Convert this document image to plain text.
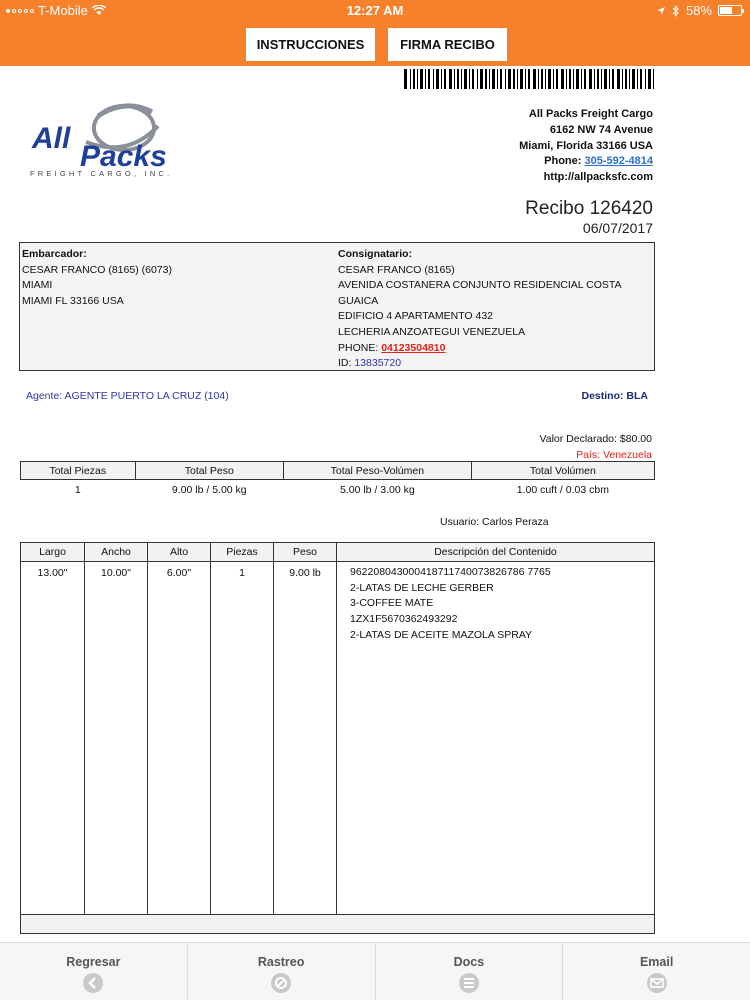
T-Mobile	12:27 AM	58%
INSTRUCCIONES	FIRMA RECIBO
All
Packs
FREIGHT CARGO, INC.
All Packs Freight Cargo
6162 NW 74 Avenue
Miami, Florida 33166 USA
Phone: 305-592-4814
http://allpacksfc.com
Recibo 126420
06/07/2017
Embarcador:
CESAR FRANCO (8165) (6073)
MIAMI
MIAMI FL 33166 USA
Consignatario:
CESAR FRANCO (8165)
AVENIDA COSTANERA CONJUNTO RESIDENCIAL COSTA
GUAICA
EDIFICIO 4 APARTAMENTO 432
LECHERIA ANZOATEGUI VENEZUELA
PHONE: 04123504810
ID: 13835720
Agente: AGENTE PUERTO LA CRUZ (104)	Destino: BLA
Valor Declarado: $80.00
País: Venezuela
Total Piezas	Total Peso	Total Peso-Volúmen	Total Volúmen
1	9.00 lb / 5.00 kg	5.00 lb / 3.00 kg	1.00 cuft / 0.03 cbm
Usuario: Carlos Peraza
Largo	Ancho	Alto	Piezas	Peso	Descripción del Contenido
13.00"	10.00"	6.00"	1	9.00 lb	962208043000418711740073826786 7765
2-LATAS DE LECHE GERBER
3-COFFEE MATE
1ZX1F5670362493292
2-LATAS DE ACEITE MAZOLA SPRAY
Regresar	Rastreo	Docs	Email
